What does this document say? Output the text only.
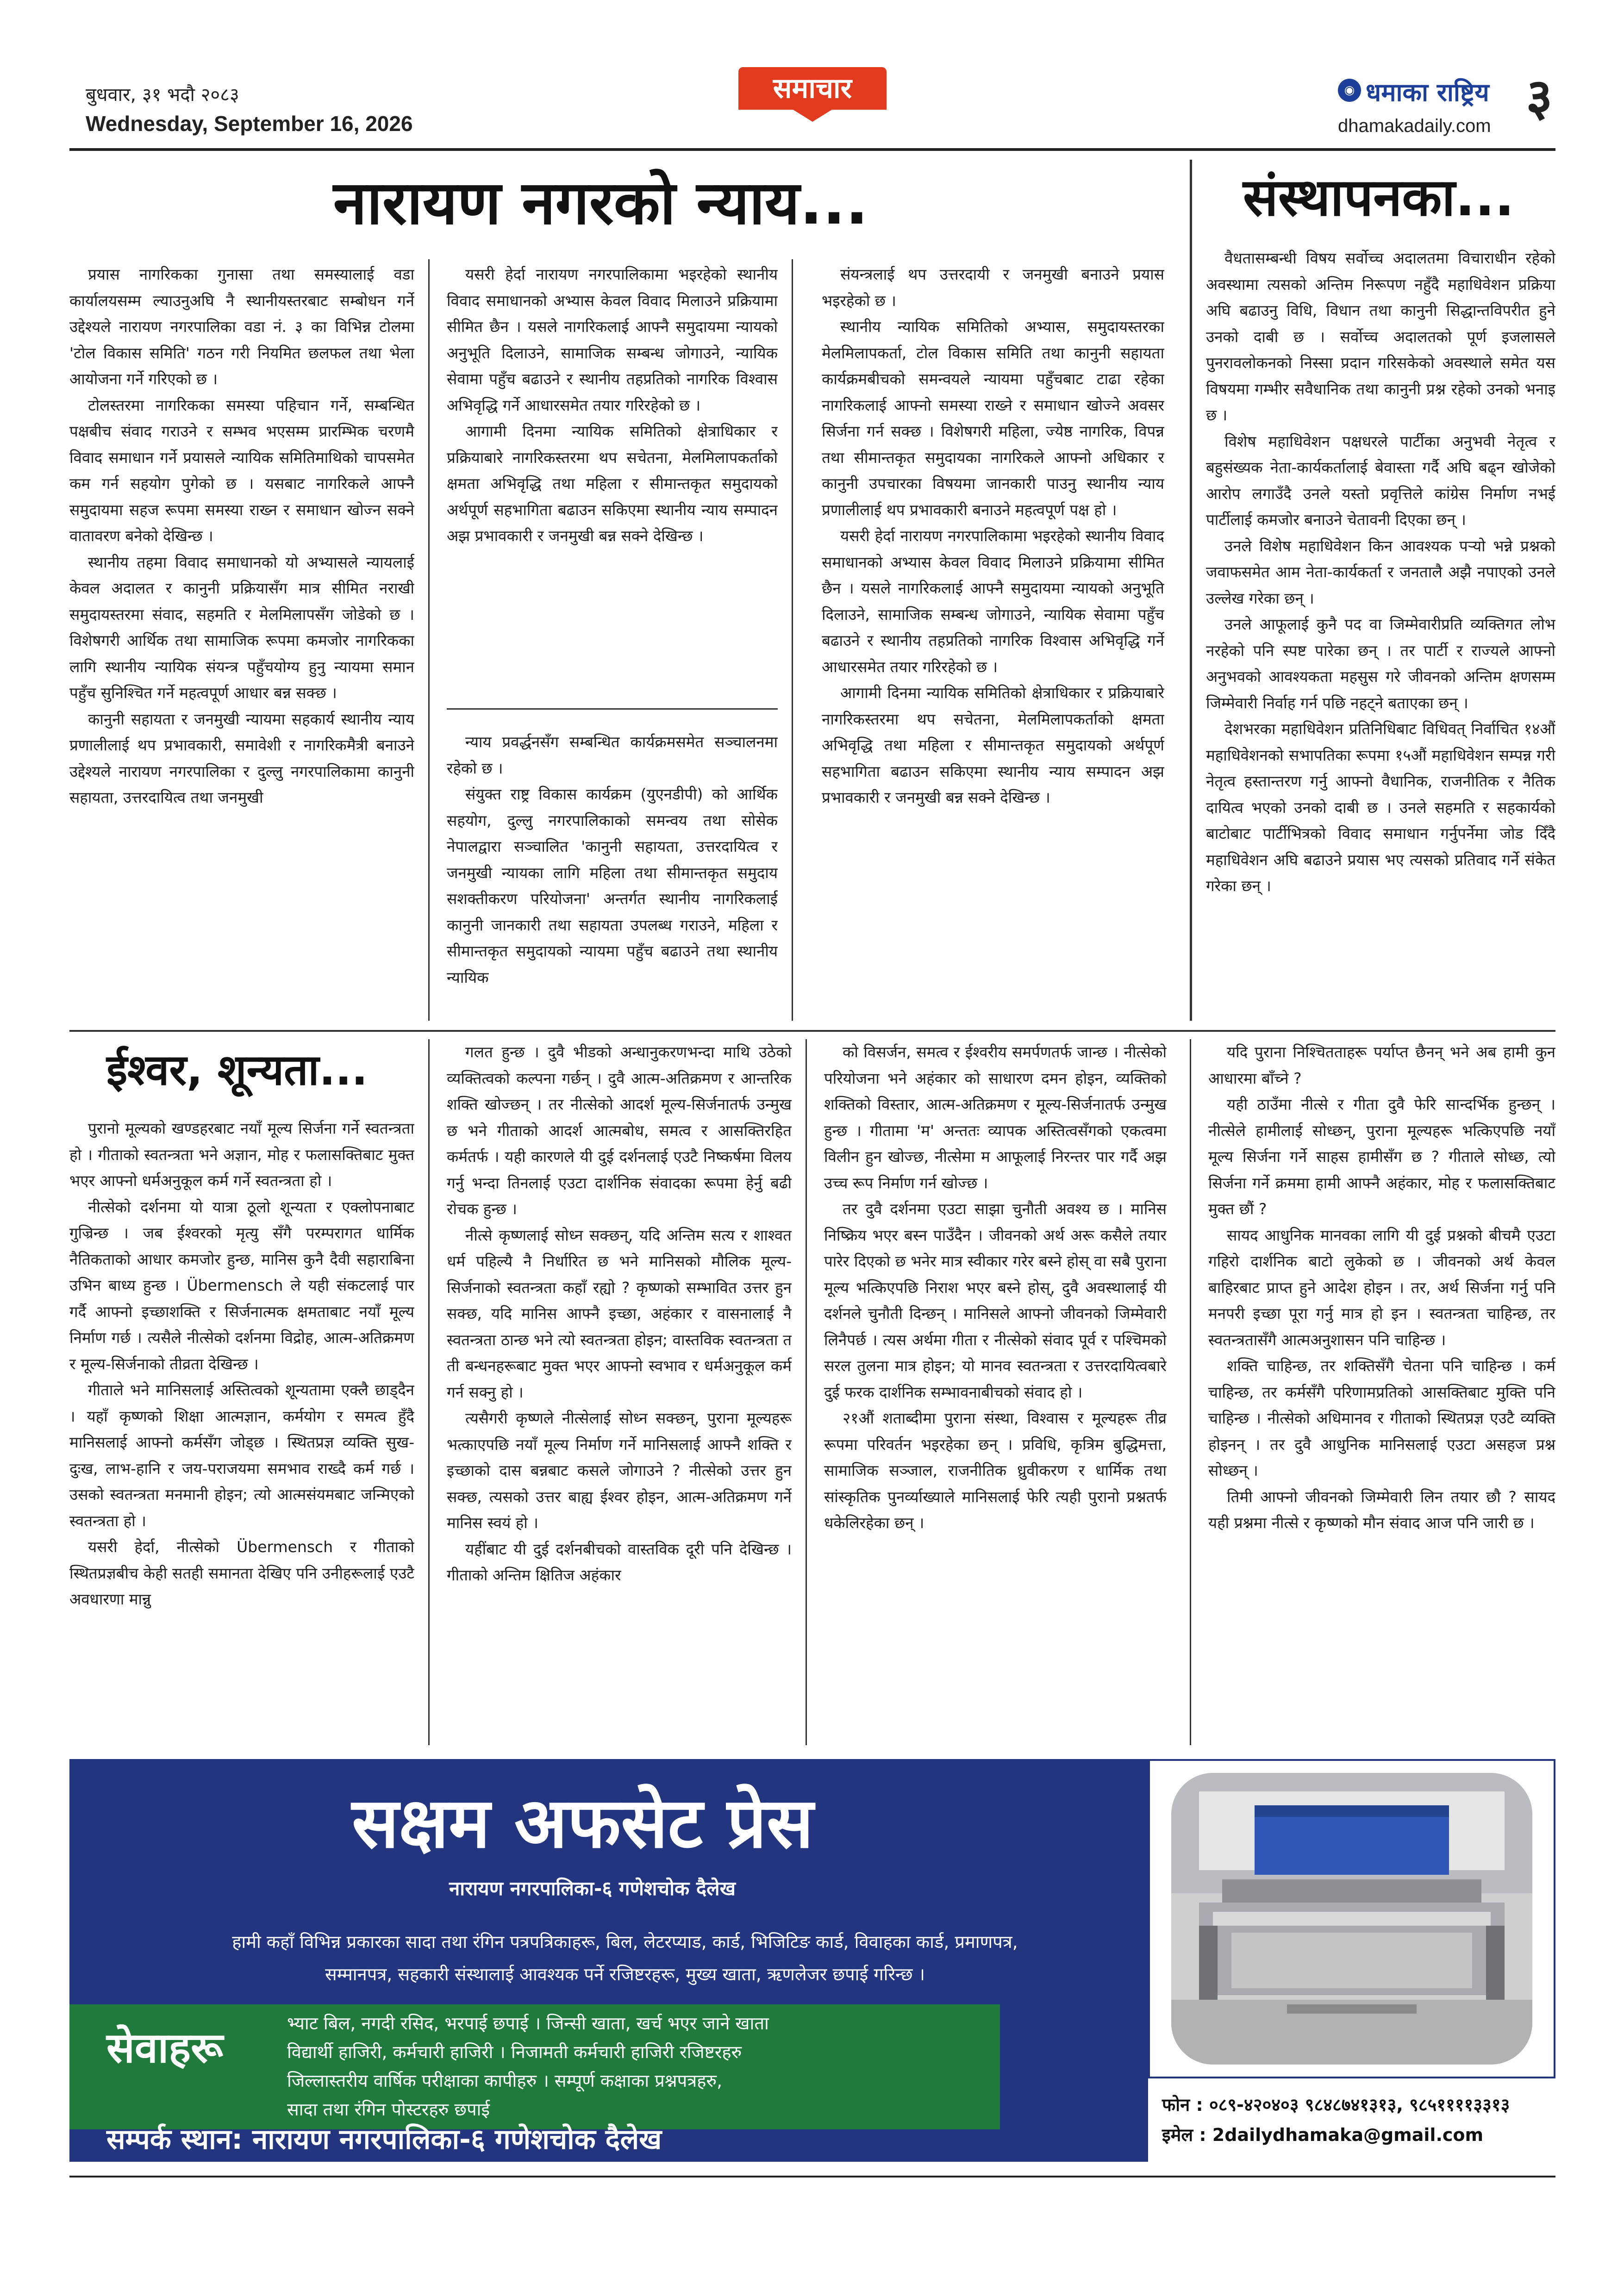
बुधवार, ३१ भदौ २०८३
Wednesday, September 16, 2026
समाचार	◉ धमाका राष्ट्रिय
dhamakadaily.com ३
नारायण नगरको न्याय...

प्रयास नागरिकका गुनासा तथा समस्यालाई वडा कार्यालयसम्म ल्याउनुअघि नै स्थानीयस्तरबाट सम्बोधन गर्ने उद्देश्यले नारायण नगरपालिका वडा नं. ३ का विभिन्न टोलमा 'टोल विकास समिति' गठन गरी नियमित छलफल तथा भेला आयोजना गर्ने गरिएको छ ।

टोलस्तरमा नागरिकका समस्या पहिचान गर्ने, सम्बन्धित पक्षबीच संवाद गराउने र सम्भव भएसम्म प्रारम्भिक चरणमै विवाद समाधान गर्ने प्रयासले न्यायिक समितिमाथिको चापसमेत कम गर्न सहयोग पुगेको छ । यसबाट नागरिकले आफ्नै समुदायमा सहज रूपमा समस्या राख्न र समाधान खोज्न सक्ने वातावरण बनेको देखिन्छ ।

स्थानीय तहमा विवाद समाधानको यो अभ्यासले न्यायलाई केवल अदालत र कानुनी प्रक्रियासँग मात्र सीमित नराखी समुदायस्तरमा संवाद, सहमति र मेलमिलापसँग जोडेको छ । विशेषगरी आर्थिक तथा सामाजिक रूपमा कमजोर नागरिकका लागि स्थानीय न्यायिक संयन्त्र पहुँचयोग्य हुनु न्यायमा समान पहुँच सुनिश्चित गर्ने महत्वपूर्ण आधार बन्न सक्छ ।

कानुनी सहायता र जनमुखी न्यायमा सहकार्य स्थानीय न्याय प्रणालीलाई थप प्रभावकारी, समावेशी र नागरिकमैत्री बनाउने उद्देश्यले नारायण नगरपालिका र दुल्लु नगरपालिकामा कानुनी सहायता, उत्तरदायित्व तथा जनमुखी

यसरी हेर्दा नारायण नगरपालिकामा भइरहेको स्थानीय विवाद समाधानको अभ्यास केवल विवाद मिलाउने प्रक्रियामा सीमित छैन । यसले नागरिकलाई आफ्नै समुदायमा न्यायको अनुभूति दिलाउने, सामाजिक सम्बन्ध जोगाउने, न्यायिक सेवामा पहुँच बढाउने र स्थानीय तहप्रतिको नागरिक विश्वास अभिवृद्धि गर्ने आधारसमेत तयार गरिरहेको छ ।

आगामी दिनमा न्यायिक समितिको क्षेत्राधिकार र प्रक्रियाबारे नागरिकस्तरमा थप सचेतना, मेलमिलापकर्ताको क्षमता अभिवृद्धि तथा महिला र सीमान्तकृत समुदायको अर्थपूर्ण सहभागिता बढाउन सकिएमा स्थानीय न्याय सम्पादन अझ प्रभावकारी र जनमुखी बन्न सक्ने देखिन्छ ।

न्याय प्रवर्द्धनसँग सम्बन्धित कार्यक्रमसमेत सञ्चालनमा रहेको छ ।

संयुक्त राष्ट्र विकास कार्यक्रम (युएनडीपी) को आर्थिक सहयोग, दुल्लु नगरपालिकाको समन्वय तथा सोसेक नेपालद्वारा सञ्चालित 'कानुनी सहायता, उत्तरदायित्व र जनमुखी न्यायका लागि महिला तथा सीमान्तकृत समुदाय सशक्तीकरण परियोजना' अन्तर्गत स्थानीय नागरिकलाई कानुनी जानकारी तथा सहायता उपलब्ध गराउने, महिला र सीमान्तकृत समुदायको न्यायमा पहुँच बढाउने तथा स्थानीय न्यायिक

संयन्त्रलाई थप उत्तरदायी र जनमुखी बनाउने प्रयास भइरहेको छ ।

स्थानीय न्यायिक समितिको अभ्यास, समुदायस्तरका मेलमिलापकर्ता, टोल विकास समिति तथा कानुनी सहायता कार्यक्रमबीचको समन्वयले न्यायमा पहुँचबाट टाढा रहेका नागरिकलाई आफ्नो समस्या राख्ने र समाधान खोज्ने अवसर सिर्जना गर्न सक्छ । विशेषगरी महिला, ज्येष्ठ नागरिक, विपन्न तथा सीमान्तकृत समुदायका नागरिकले आफ्नो अधिकार र कानुनी उपचारका विषयमा जानकारी पाउनु स्थानीय न्याय प्रणालीलाई थप प्रभावकारी बनाउने महत्वपूर्ण पक्ष हो ।

यसरी हेर्दा नारायण नगरपालिकामा भइरहेको स्थानीय विवाद समाधानको अभ्यास केवल विवाद मिलाउने प्रक्रियामा सीमित छैन । यसले नागरिकलाई आफ्नै समुदायमा न्यायको अनुभूति दिलाउने, सामाजिक सम्बन्ध जोगाउने, न्यायिक सेवामा पहुँच बढाउने र स्थानीय तहप्रतिको नागरिक विश्वास अभिवृद्धि गर्ने आधारसमेत तयार गरिरहेको छ ।

आगामी दिनमा न्यायिक समितिको क्षेत्राधिकार र प्रक्रियाबारे नागरिकस्तरमा थप सचेतना, मेलमिलापकर्ताको क्षमता अभिवृद्धि तथा महिला र सीमान्तकृत समुदायको अर्थपूर्ण सहभागिता बढाउन सकिएमा स्थानीय न्याय सम्पादन अझ प्रभावकारी र जनमुखी बन्न सक्ने देखिन्छ ।

संस्थापनका...

वैधतासम्बन्धी विषय सर्वोच्च अदालतमा विचाराधीन रहेको अवस्थामा त्यसको अन्तिम निरूपण नहुँदै महाधिवेशन प्रक्रिया अघि बढाउनु विधि, विधान तथा कानुनी सिद्धान्तविपरीत हुने उनको दाबी छ । सर्वोच्च अदालतको पूर्ण इजलासले पुनरावलोकनको निस्सा प्रदान गरिसकेको अवस्थाले समेत यस विषयमा गम्भीर सवैधानिक तथा कानुनी प्रश्न रहेको उनको भनाइ छ ।

विशेष महाधिवेशन पक्षधरले पार्टीका अनुभवी नेतृत्व र बहुसंख्यक नेता-कार्यकर्तालाई बेवास्ता गर्दै अघि बढ्न खोजेको आरोप लगाउँदै उनले यस्तो प्रवृत्तिले कांग्रेस निर्माण नभई पार्टीलाई कमजोर बनाउने चेतावनी दिएका छन् ।

उनले विशेष महाधिवेशन किन आवश्यक पर्‍यो भन्ने प्रश्नको जवाफसमेत आम नेता-कार्यकर्ता र जनतालै अझै नपाएको उनले उल्लेख गरेका छन् ।

उनले आफूलाई कुनै पद वा जिम्मेवारीप्रति व्यक्तिगत लोभ नरहेको पनि स्पष्ट पारेका छन् । तर पार्टी र राज्यले आफ्नो अनुभवको आवश्यकता महसुस गरे जीवनको अन्तिम क्षणसम्म जिम्मेवारी निर्वाह गर्न पछि नहट्ने बताएका छन् ।

देशभरका महाधिवेशन प्रतिनिधिबाट विधिवत् निर्वाचित १४औं महाधिवेशनको सभापतिका रूपमा १५औं महाधिवेशन सम्पन्न गरी नेतृत्व हस्तान्तरण गर्नु आफ्नो वैधानिक, राजनीतिक र नैतिक दायित्व भएको उनको दाबी छ । उनले सहमति र सहकार्यको बाटोबाट पार्टीभित्रको विवाद समाधान गर्नुपर्नेमा जोड दिँदै महाधिवेशन अघि बढाउने प्रयास भए त्यसको प्रतिवाद गर्ने संकेत गरेका छन् ।

ईश्वर, शून्यता...

पुरानो मूल्यको खण्डहरबाट नयाँ मूल्य सिर्जना गर्ने स्वतन्त्रता हो । गीताको स्वतन्त्रता भने अज्ञान, मोह र फलासक्तिबाट मुक्त भएर आफ्नो धर्मअनुकूल कर्म गर्ने स्वतन्त्रता हो ।

नीत्सेको दर्शनमा यो यात्रा ठूलो शून्यता र एक्लोपनाबाट गुज्रिन्छ । जब ईश्वरको मृत्यु सँगै परम्परागत धार्मिक नैतिकताको आधार कमजोर हुन्छ, मानिस कुनै दैवी सहाराबिना उभिन बाध्य हुन्छ । Übermensch ले यही संकटलाई पार गर्दै आफ्नो इच्छाशक्ति र सिर्जनात्मक क्षमताबाट नयाँ मूल्य निर्माण गर्छ । त्यसैले नीत्सेको दर्शनमा विद्रोह, आत्म-अतिक्रमण र मूल्य-सिर्जनाको तीव्रता देखिन्छ ।

गीताले भने मानिसलाई अस्तित्वको शून्यतामा एक्लै छाड्दैन । यहाँ कृष्णको शिक्षा आत्मज्ञान, कर्मयोग र समत्व हुँदै मानिसलाई आफ्नो कर्मसँग जोड्छ । स्थितप्रज्ञ व्यक्ति सुख-दुःख, लाभ-हानि र जय-पराजयमा समभाव राख्दै कर्म गर्छ । उसको स्वतन्त्रता मनमानी होइन; त्यो आत्मसंयमबाट जन्मिएको स्वतन्त्रता हो ।

यसरी हेर्दा, नीत्सेको Übermensch र गीताको स्थितप्रज्ञबीच केही सतही समानता देखिए पनि उनीहरूलाई एउटै अवधारणा मान्नु

गलत हुन्छ । दुवै भीडको अन्धानुकरणभन्दा माथि उठेको व्यक्तित्वको कल्पना गर्छन् । दुवै आत्म-अतिक्रमण र आन्तरिक शक्ति खोज्छन् । तर नीत्सेको आदर्श मूल्य-सिर्जनातर्फ उन्मुख छ भने गीताको आदर्श आत्मबोध, समत्व र आसक्तिरहित कर्मतर्फ । यही कारणले यी दुई दर्शनलाई एउटै निष्कर्षमा विलय गर्नु भन्दा तिनलाई एउटा दार्शनिक संवादका रूपमा हेर्नु बढी रोचक हुन्छ ।

नीत्से कृष्णलाई सोध्न सक्छन्, यदि अन्तिम सत्य र शाश्वत धर्म पहिल्यै नै निर्धारित छ भने मानिसको मौलिक मूल्य-सिर्जनाको स्वतन्त्रता कहाँ रह्यो ? कृष्णको सम्भावित उत्तर हुन सक्छ, यदि मानिस आफ्नै इच्छा, अहंकार र वासनालाई नै स्वतन्त्रता ठान्छ भने त्यो स्वतन्त्रता होइन; वास्तविक स्वतन्त्रता त ती बन्धनहरूबाट मुक्त भएर आफ्नो स्वभाव र धर्मअनुकूल कर्म गर्न सक्नु हो ।

त्यसैगरी कृष्णले नीत्सेलाई सोध्न सक्छन्, पुराना मूल्यहरू भत्काएपछि नयाँ मूल्य निर्माण गर्ने मानिसलाई आफ्नै शक्ति र इच्छाको दास बन्नबाट कसले जोगाउने ? नीत्सेको उत्तर हुन सक्छ, त्यसको उत्तर बाह्य ईश्वर होइन, आत्म-अतिक्रमण गर्ने मानिस स्वयं हो ।

यहींबाट यी दुई दर्शनबीचको वास्तविक दूरी पनि देखिन्छ । गीताको अन्तिम क्षितिज अहंकार

को विसर्जन, समत्व र ईश्वरीय समर्पणतर्फ जान्छ । नीत्सेको परियोजना भने अहंकार को साधारण दमन होइन, व्यक्तिको शक्तिको विस्तार, आत्म-अतिक्रमण र मूल्य-सिर्जनातर्फ उन्मुख हुन्छ । गीतामा 'म' अन्ततः व्यापक अस्तित्वसँगको एकत्वमा विलीन हुन खोज्छ, नीत्सेमा म आफूलाई निरन्तर पार गर्दै अझ उच्च रूप निर्माण गर्न खोज्छ ।

तर दुवै दर्शनमा एउटा साझा चुनौती अवश्य छ । मानिस निष्क्रिय भएर बस्न पाउँदैन । जीवनको अर्थ अरू कसैले तयार पारेर दिएको छ भनेर मात्र स्वीकार गरेर बस्ने होस् वा सबै पुराना मूल्य भत्किएपछि निराश भएर बस्ने होस्, दुवै अवस्थालाई यी दर्शनले चुनौती दिन्छन् । मानिसले आफ्नो जीवनको जिम्मेवारी लिनैपर्छ । त्यस अर्थमा गीता र नीत्सेको संवाद पूर्व र पश्चिमको सरल तुलना मात्र होइन; यो मानव स्वतन्त्रता र उत्तरदायित्वबारे दुई फरक दार्शनिक सम्भावनाबीचको संवाद हो ।

२१औं शताब्दीमा पुराना संस्था, विश्वास र मूल्यहरू तीव्र रूपमा परिवर्तन भइरहेका छन् । प्रविधि, कृत्रिम बुद्धिमत्ता, सामाजिक सञ्जाल, राजनीतिक ध्रुवीकरण र धार्मिक तथा सांस्कृतिक पुनर्व्याख्याले मानिसलाई फेरि त्यही पुरानो प्रश्नतर्फ धकेलिरहेका छन् ।

यदि पुराना निश्चितताहरू पर्याप्त छैनन् भने अब हामी कुन आधारमा बाँच्ने ?

यही ठाउँमा नीत्से र गीता दुवै फेरि सान्दर्भिक हुन्छन् । नीत्सेले हामीलाई सोध्छन्, पुराना मूल्यहरू भत्किएपछि नयाँ मूल्य सिर्जना गर्ने साहस हामीसँग छ ? गीताले सोध्छ, त्यो सिर्जना गर्ने क्रममा हामी आफ्नै अहंकार, मोह र फलासक्तिबाट मुक्त छौं ?

सायद आधुनिक मानवका लागि यी दुई प्रश्नको बीचमै एउटा गहिरो दार्शनिक बाटो लुकेको छ । जीवनको अर्थ केवल बाहिरबाट प्राप्त हुने आदेश होइन । तर, अर्थ सिर्जना गर्नु पनि मनपरी इच्छा पूरा गर्नु मात्र हो इन । स्वतन्त्रता चाहिन्छ, तर स्वतन्त्रतासँगै आत्मअनुशासन पनि चाहिन्छ ।

शक्ति चाहिन्छ, तर शक्तिसँगै चेतना पनि चाहिन्छ । कर्म चाहिन्छ, तर कर्मसँगै परिणामप्रतिको आसक्तिबाट मुक्ति पनि चाहिन्छ । नीत्सेको अधिमानव र गीताको स्थितप्रज्ञ एउटै व्यक्ति होइनन् । तर दुवै आधुनिक मानिसलाई एउटा असहज प्रश्न सोध्छन् ।

तिमी आफ्नो जीवनको जिम्मेवारी लिन तयार छौ ? सायद यही प्रश्नमा नीत्से र कृष्णको मौन संवाद आज पनि जारी छ ।

सक्षम अफसेट प्रेस
नारायण नगरपालिका-६ गणेशचोक दैलेख
हामी कहाँ विभिन्न प्रकारका सादा तथा रंगिन पत्रपत्रिकाहरू, बिल, लेटरप्याड, कार्ड, भिजिटिङ कार्ड, विवाहका कार्ड, प्रमाणपत्र, सम्मानपत्र, सहकारी संस्थालाई आवश्यक पर्ने रजिष्टरहरू, मुख्य खाता, ऋणलेजर छपाई गरिन्छ ।
सेवाहरू
भ्याट बिल, नगदी रसिद, भरपाई छपाई । जिन्सी खाता, खर्च भएर जाने खाता
विद्यार्थी हाजिरी, कर्मचारी हाजिरी । निजामती कर्मचारी हाजिरी रजिष्टरहरु
जिल्लास्तरीय वार्षिक परीक्षाका कापीहरु । सम्पूर्ण कक्षाका प्रश्नपत्रहरु,
सादा तथा रंगिन पोस्टरहरु छपाई
सम्पर्क स्थान: नारायण नगरपालिका-६ गणेशचोक दैलेख
फोन : ०८९-४२०४०३ ९८४८७४१३१३, ९८५११११३३१३
इमेल : 2dailydhamaka@gmail.com
